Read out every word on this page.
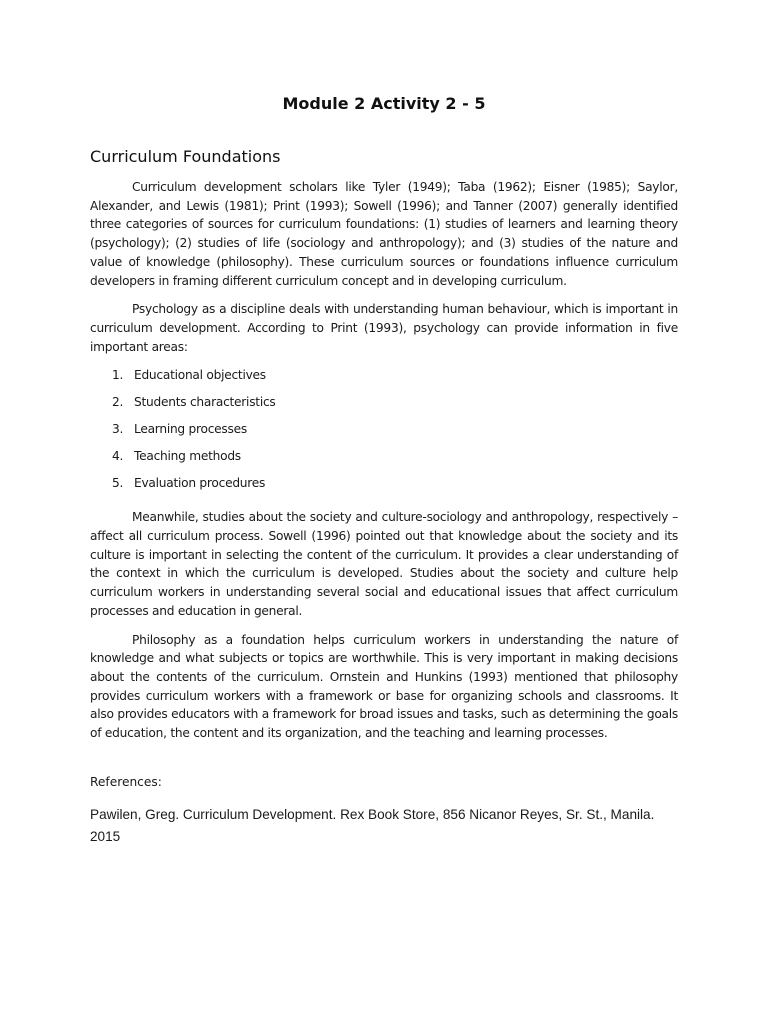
Module 2 Activity 2 - 5
Curriculum Foundations

Curriculum development scholars like Tyler (1949); Taba (1962); Eisner (1985); Saylor, Alexander, and Lewis (1981); Print (1993); Sowell (1996); and Tanner (2007) generally identified three categories of sources for curriculum foundations: (1) studies of learners and learning theory (psychology); (2) studies of life (sociology and anthropology); and (3) studies of the nature and value of knowledge (philosophy). These curriculum sources or foundations influence curriculum developers in framing different curriculum concept and in developing curriculum.

Psychology as a discipline deals with understanding human behaviour, which is important in curriculum development. According to Print (1993), psychology can provide information in five important areas:

1. Educational objectives
2. Students characteristics
3. Learning processes
4. Teaching methods
5. Evaluation procedures

Meanwhile, studies about the society and culture-sociology and anthropology, respectively – affect all curriculum process. Sowell (1996) pointed out that knowledge about the society and its culture is important in selecting the content of the curriculum. It provides a clear understanding of the context in which the curriculum is developed. Studies about the society and culture help curriculum workers in understanding several social and educational issues that affect curriculum processes and education in general.

Philosophy as a foundation helps curriculum workers in understanding the nature of knowledge and what subjects or topics are worthwhile. This is very important in making decisions about the contents of the curriculum. Ornstein and Hunkins (1993) mentioned that philosophy provides curriculum workers with a framework or base for organizing schools and classrooms. It also provides educators with a framework for broad issues and tasks, such as determining the goals of education, the content and its organization, and the teaching and learning processes.

References:
Pawilen, Greg. Curriculum Development. Rex Book Store, 856 Nicanor Reyes, Sr. St., Manila. 2015
